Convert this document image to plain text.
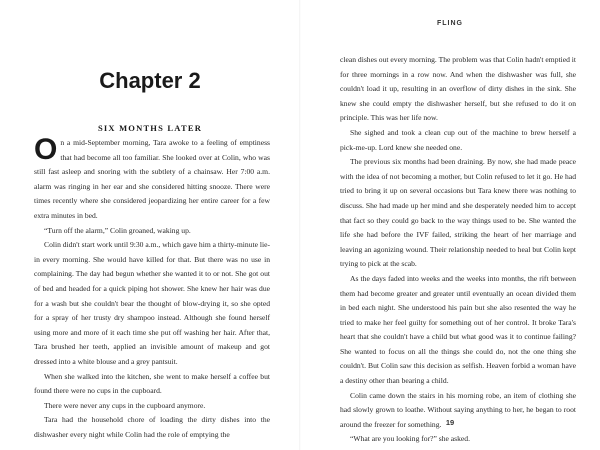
Chapter 2
SIX MONTHS LATER

On a mid-September morning, Tara awoke to a feeling of emptiness that had become all too familiar. She looked over at Colin, who was still fast asleep and snoring with the subtlety of a chainsaw. Her 7:00 a.m. alarm was ringing in her ear and she considered hitting snooze. There were times recently where she considered jeopardizing her entire career for a few extra minutes in bed.

“Turn off the alarm,” Colin groaned, waking up.

Colin didn't start work until 9:30 a.m., which gave him a thirty-minute lie-in every morning. She would have killed for that. But there was no use in complaining. The day had begun whether she wanted it to or not. She got out of bed and headed for a quick piping hot shower. She knew her hair was due for a wash but she couldn't bear the thought of blow-drying it, so she opted for a spray of her trusty dry shampoo instead. Although she found herself using more and more of it each time she put off washing her hair. After that, Tara brushed her teeth, applied an invisible amount of makeup and got dressed into a white blouse and a grey pantsuit.

When she walked into the kitchen, she went to make herself a coffee but found there were no cups in the cupboard.

There were never any cups in the cupboard anymore.

Tara had the household chore of loading the dirty dishes into the dishwasher every night while Colin had the role of emptying the

FLING

clean dishes out every morning. The problem was that Colin hadn't emptied it for three mornings in a row now. And when the dishwasher was full, she couldn't load it up, resulting in an overflow of dirty dishes in the sink. She knew she could empty the dishwasher herself, but she refused to do it on principle. This was her life now.

She sighed and took a clean cup out of the machine to brew herself a pick-me-up. Lord knew she needed one.

The previous six months had been draining. By now, she had made peace with the idea of not becoming a mother, but Colin refused to let it go. He had tried to bring it up on several occasions but Tara knew there was nothing to discuss. She had made up her mind and she desperately needed him to accept that fact so they could go back to the way things used to be. She wanted the life she had before the IVF failed, striking the heart of her marriage and leaving an agonizing wound. Their relationship needed to heal but Colin kept trying to pick at the scab.

As the days faded into weeks and the weeks into months, the rift between them had become greater and greater until eventually an ocean divided them in bed each night. She understood his pain but she also resented the way he tried to make her feel guilty for something out of her control. It broke Tara's heart that she couldn't have a child but what good was it to continue failing? She wanted to focus on all the things she could do, not the one thing she couldn't. But Colin saw this decision as selfish. Heaven forbid a woman have a destiny other than bearing a child.

Colin came down the stairs in his morning robe, an item of clothing she had slowly grown to loathe. Without saying anything to her, he began to root around the freezer for something.

“What are you looking for?” she asked.

19
